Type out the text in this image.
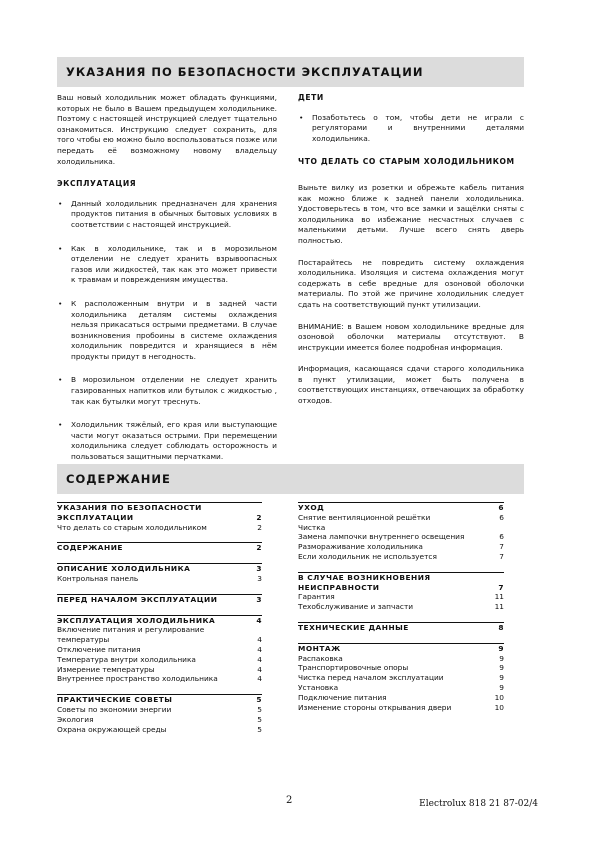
УКАЗАНИЯ ПО БЕЗОПАСНОСТИ ЭКСПЛУАТАЦИИ

Ваш новый холодильник может обладать функциями, которых не было в Вашем предыдущем холодильнике. Поэтому с настоящей инструкцией следует тщательно ознакомиться. Инструкцию следует сохранить, для того чтобы ею можно было воспользоваться позже или передать её возможному новому владельцу холодильника.

ЭКСПЛУАТАЦИЯ
• Данный холодильник предназначен для хранения продуктов питания в обычных бытовых условиях в соответствии с настоящей инструкцией.
• Как в холодильнике, так и в морозильном отделении не следует хранить взрывоопасных газов или жидкостей, так как это может привести к травмам и повреждениям имущества.
• К расположенным внутри и в задней части холодильника деталям системы охлаждения нельзя прикасаться острыми предметами. В случае возникновения пробоины в системе охлаждения холодильник повредится и хранящиеся в нём продукты придут в негодность.
• В морозильном отделении не следует хранить газированных напитков или бутылок с жидкостью , так как бутылки могут треснуть.
• Холодильник тяжёлый, его края или выступающие части могут оказаться острыми. При перемещении холодильника следует соблюдать осторожность и пользоваться защитными перчатками.
ДЕТИ
• Позаботьтесь о том, чтобы дети не играли с регуляторами и внутренними деталями холодильника.
ЧТО ДЕЛАТЬ СО СТАРЫМ ХОЛОДИЛЬНИКОМ

Выньте вилку из розетки и обрежьте кабель питания как можно ближе к задней панели холодильника. Удостоверьтесь в том, что все замки и защёлки сняты с холодильника во избежание несчастных случаев с маленькими детьми. Лучше всего снять дверь полностью.

Постарайтесь не повредить систему охлаждения холодильника. Изоляция и система охлаждения могут содержать в себе вредные для озоновой оболочки материалы. По этой же причине холодильник следует сдать на соответствующий пункт утилизации.

ВНИМАНИЕ: в Вашем новом холодильнике вредные для озоновой оболочки материалы отсутствуют. В инструкции имеется более подробная информация.

Информация, касающаяся сдачи старого холодильника в пункт утилизации, может быть получена в соответствующих инстанциях, отвечающих за обработку отходов.

СОДЕРЖАНИЕ
УКАЗАНИЯ ПО БЕЗОПАСНОСТИ
ЭКСПЛУАТАЦИИ	2
Что делать со старым холодильником	2
СОДЕРЖАНИЕ	2
ОПИСАНИЕ ХОЛОДИЛЬНИКА	3
Контрольная панель	3
ПЕРЕД НАЧАЛОМ ЭКСПЛУАТАЦИИ	3
ЭКСПЛУАТАЦИЯ ХОЛОДИЛЬНИКА	4
Включение питания и регулирование
температуры	4
Отключение питания	4
Температура внутри холодильника	4
Измерение температуры	4
Внутреннее пространство холодильника	4
ПРАКТИЧЕСКИЕ СОВЕТЫ	5
Советы по экономии энергии	5
Экология	5
Охрана окружающей среды	5
УХОД	6
Снятие вентиляционной решётки	6
Чистка
Замена лампочки внутреннего освещения	6
Размораживание холодильника	7
Если холодильник не используется	7
В СЛУЧАЕ ВОЗНИКНОВЕНИЯ
НЕИСПРАВНОСТИ	7
Гарантия	11
Техобслуживание и запчасти	11
ТЕХНИЧЕСКИЕ ДАННЫЕ	8
МОНТАЖ	9
Распаковка	9
Транспортировочные опоры	9
Чистка перед началом эксплуатации	9
Установка	9
Подключение питания	10
Изменение стороны открывания двери	10
2	Electrolux 818 21 87-02/4
